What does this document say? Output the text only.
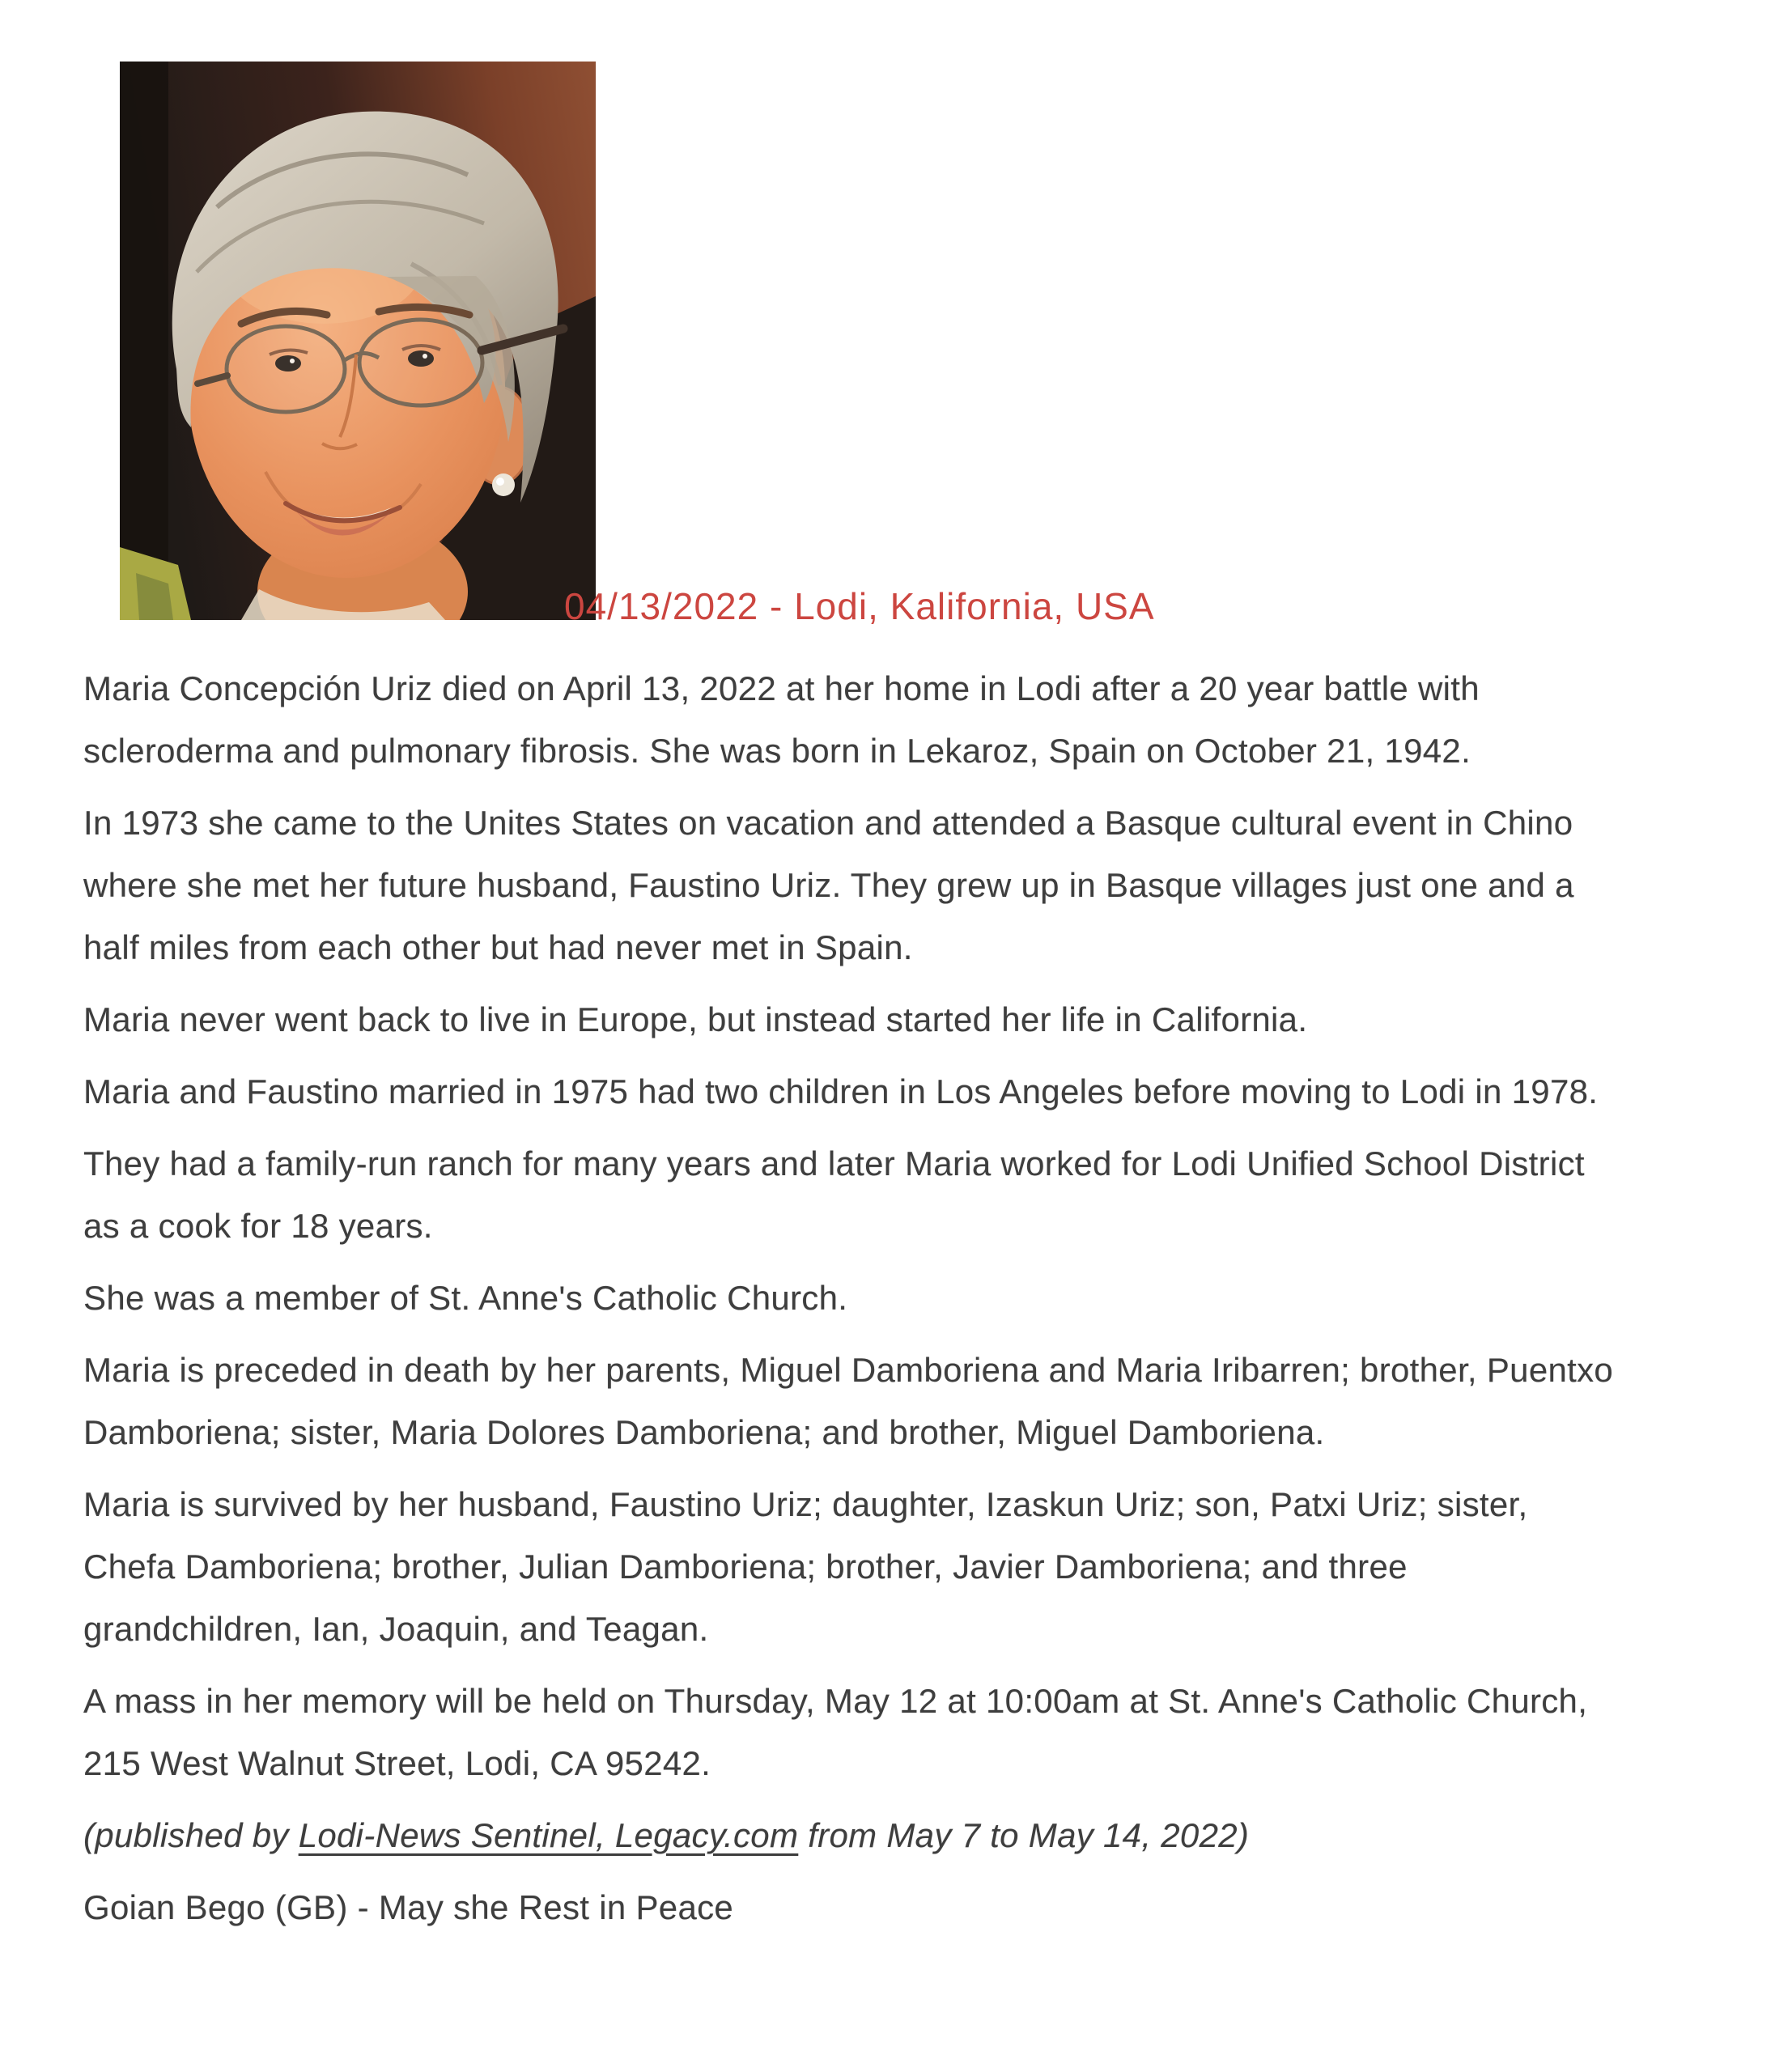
04/13/2022 - Lodi, Kalifornia, USA

Maria Concepción Uriz died on April 13, 2022 at her home in Lodi after a 20 year battle with
scleroderma and pulmonary fibrosis. She was born in Lekaroz, Spain on October 21, 1942.

In 1973 she came to the Unites States on vacation and attended a Basque cultural event in Chino
where she met her future husband, Faustino Uriz. They grew up in Basque villages just one and a
half miles from each other but had never met in Spain.

Maria never went back to live in Europe, but instead started her life in California.

Maria and Faustino married in 1975 had two children in Los Angeles before moving to Lodi in 1978.

They had a family-run ranch for many years and later Maria worked for Lodi Unified School District
as a cook for 18 years.

She was a member of St. Anne's Catholic Church.

Maria is preceded in death by her parents, Miguel Damboriena and Maria Iribarren; brother, Puentxo
Damboriena; sister, Maria Dolores Damboriena; and brother, Miguel Damboriena.

Maria is survived by her husband, Faustino Uriz; daughter, Izaskun Uriz; son, Patxi Uriz; sister,
Chefa Damboriena; brother, Julian Damboriena; brother, Javier Damboriena; and three
grandchildren, Ian, Joaquin, and Teagan.

A mass in her memory will be held on Thursday, May 12 at 10:00am at St. Anne's Catholic Church,
215 West Walnut Street, Lodi, CA 95242.

(published by Lodi-News Sentinel, Legacy.com from May 7 to May 14, 2022)

Goian Bego (GB) - May she Rest in Peace
